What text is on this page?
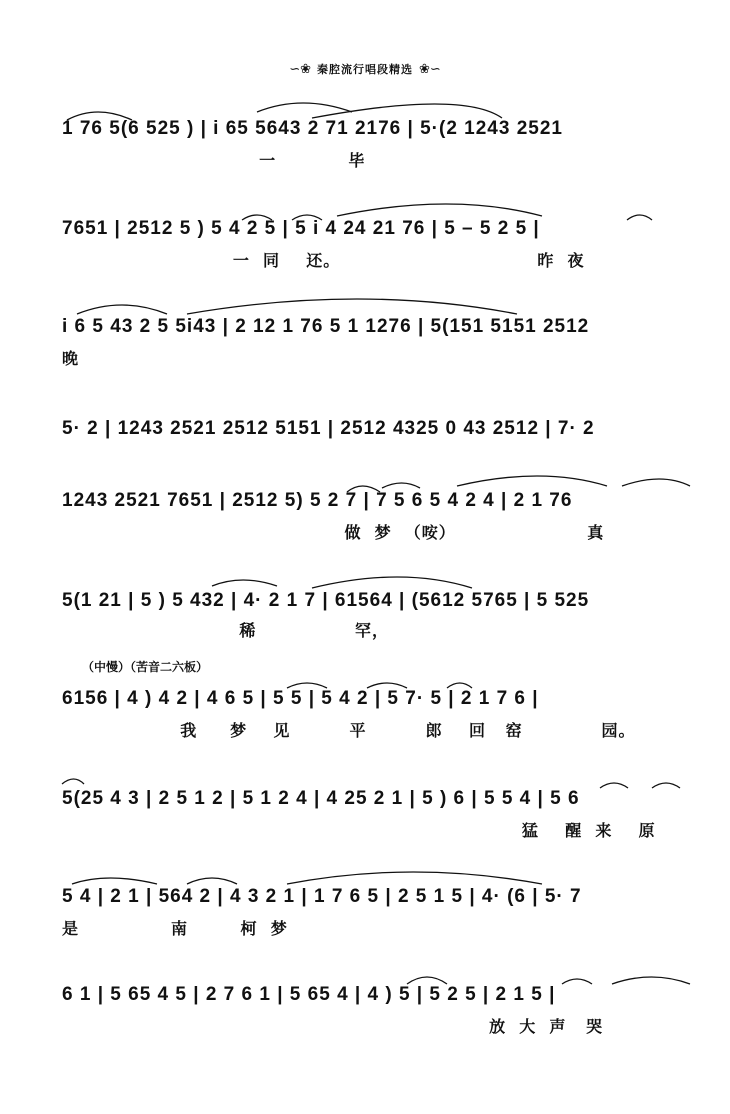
∽❀ 秦腔流行唱段精选 ❀∽
1 76 5(6 525 ) | i 65 5643 2 71 2176 | 5·(2 1243 2521
一           毕
7651 | 2512 5 ) 5 4 2 5 | 5 i 4 24 21 76 | 5 – 5 2 5 |
一  同    还。                              昨  夜
i 6 5 43 2 5 5i43 | 2 12 1 76 5 1 1276 | 5(151 5151 2512
晚
5· 2 | 1243 2521 2512 5151 | 2512 4325 0 43 2512 | 7· 2
1243 2521 7651 | 2512 5) 5 2 7 | 7 5 6 5 4 2 4 | 2 1 76
做  梦  （咹）                    真
5(1 21 | 5 ) 5 432 | 4· 2 1 7 | 61564 | (5612 5765 | 5 525
稀               罕，
（中慢）（苦音二六板）
6156 | 4 ) 4 2 | 4 6 5 | 5 5 | 5 4 2 | 5 7· 5 | 2 1 7 6 |
我     梦    见         平         郎    回   窑            园。
5(25 4 3 | 2 5 1 2 | 5 1 2 4 | 4 25 2 1 | 5 ) 6 | 5 5 4 | 5 6
猛    醒  来    原
5 4 | 2 1 | 564 2 | 4 3 2 1 | 1 7 6 5 | 2 5 1 5 | 4· (6 | 5· 7
是              南        柯  梦
6 1 | 5 65 4 5 | 2 7 6 1 | 5 65 4 | 4 ) 5 | 5 2 5 | 2 1 5 |
放  大  声   哭
